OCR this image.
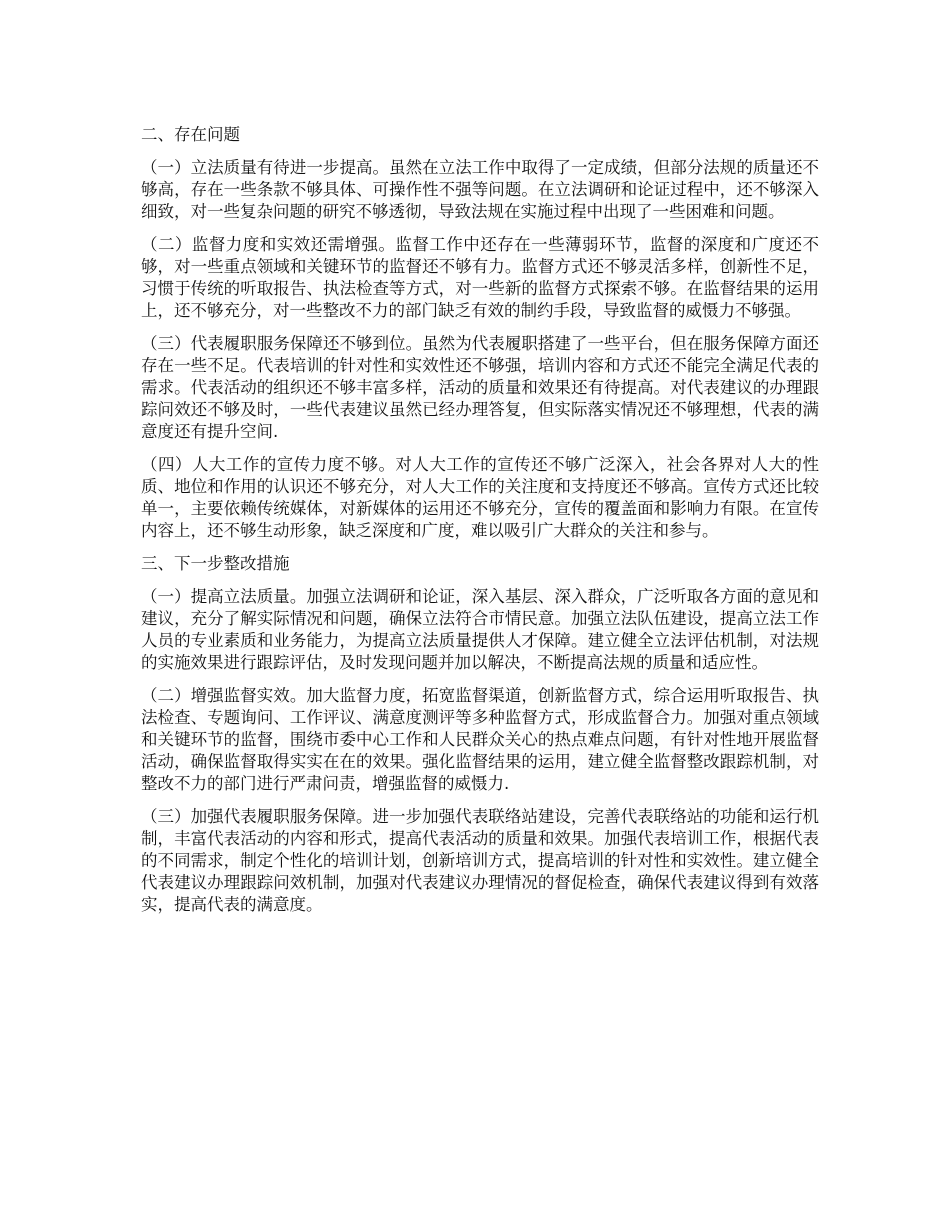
二、存在问题

（一）立法质量有待进一步提高。虽然在立法工作中取得了一定成绩，但部分法规的质量还不够高，存在一些条款不够具体、可操作性不强等问题。在立法调研和论证过程中，还不够深入细致，对一些复杂问题的研究不够透彻，导致法规在实施过程中出现了一些困难和问题。

（二）监督力度和实效还需增强。监督工作中还存在一些薄弱环节，监督的深度和广度还不够，对一些重点领域和关键环节的监督还不够有力。监督方式还不够灵活多样，创新性不足，习惯于传统的听取报告、执法检查等方式，对一些新的监督方式探索不够。在监督结果的运用上，还不够充分，对一些整改不力的部门缺乏有效的制约手段，导致监督的威慑力不够强。

（三）代表履职服务保障还不够到位。虽然为代表履职搭建了一些平台，但在服务保障方面还存在一些不足。代表培训的针对性和实效性还不够强，培训内容和方式还不能完全满足代表的需求。代表活动的组织还不够丰富多样，活动的质量和效果还有待提高。对代表建议的办理跟踪问效还不够及时，一些代表建议虽然已经办理答复，但实际落实情况还不够理想，代表的满意度还有提升空间.

（四）人大工作的宣传力度不够。对人大工作的宣传还不够广泛深入，社会各界对人大的性质、地位和作用的认识还不够充分，对人大工作的关注度和支持度还不够高。宣传方式还比较单一，主要依赖传统媒体，对新媒体的运用还不够充分，宣传的覆盖面和影响力有限。在宣传内容上，还不够生动形象，缺乏深度和广度，难以吸引广大群众的关注和参与。

三、下一步整改措施

（一）提高立法质量。加强立法调研和论证，深入基层、深入群众，广泛听取各方面的意见和建议，充分了解实际情况和问题，确保立法符合市情民意。加强立法队伍建设，提高立法工作人员的专业素质和业务能力，为提高立法质量提供人才保障。建立健全立法评估机制，对法规的实施效果进行跟踪评估，及时发现问题并加以解决，不断提高法规的质量和适应性。

（二）增强监督实效。加大监督力度，拓宽监督渠道，创新监督方式，综合运用听取报告、执法检查、专题询问、工作评议、满意度测评等多种监督方式，形成监督合力。加强对重点领域和关键环节的监督，围绕市委中心工作和人民群众关心的热点难点问题，有针对性地开展监督活动，确保监督取得实实在在的效果。强化监督结果的运用，建立健全监督整改跟踪机制，对整改不力的部门进行严肃问责，增强监督的威慑力.

（三）加强代表履职服务保障。进一步加强代表联络站建设，完善代表联络站的功能和运行机制，丰富代表活动的内容和形式，提高代表活动的质量和效果。加强代表培训工作，根据代表的不同需求，制定个性化的培训计划，创新培训方式，提高培训的针对性和实效性。建立健全代表建议办理跟踪问效机制，加强对代表建议办理情况的督促检查，确保代表建议得到有效落实，提高代表的满意度。
